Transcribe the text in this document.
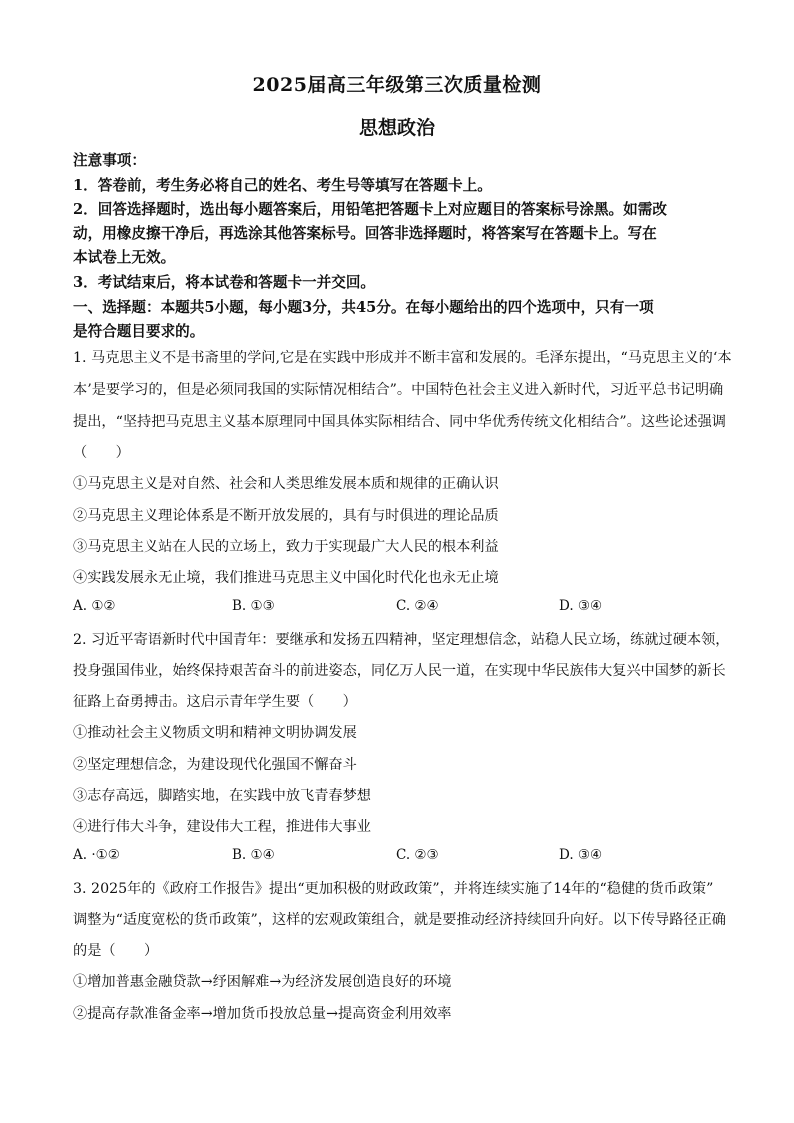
2025届高三年级第三次质量检测
思想政治
注意事项：
1．答卷前，考生务必将自己的姓名、考生号等填写在答题卡上。
2．回答选择题时，选出每小题答案后，用铅笔把答题卡上对应题目的答案标号涂黑。如需改
动，用橡皮擦干净后，再选涂其他答案标号。回答非选择题时，将答案写在答题卡上。写在
本试卷上无效。
3．考试结束后，将本试卷和答题卡一并交回。
一、选择题：本题共5小题，每小题3分，共45分。在每小题给出的四个选项中，只有一项
是符合题目要求的。
1. 马克思主义不是书斋里的学问,它是在实践中形成并不断丰富和发展的。毛泽东提出，“马克思主义的‘本
本’是要学习的，但是必须同我国的实际情况相结合”。中国特色社会主义进入新时代，习近平总书记明确
提出，“坚持把马克思主义基本原理同中国具体实际相结合、同中华优秀传统文化相结合”。这些论述强调
（　　）
①马克思主义是对自然、社会和人类思维发展本质和规律的正确认识
②马克思主义理论体系是不断开放发展的，具有与时俱进的理论品质
③马克思主义站在人民的立场上，致力于实现最广大人民的根本利益
④实践发展永无止境，我们推进马克思主义中国化时代化也永无止境
A. ①②	B. ①③	C. ②④	D. ③④
2. 习近平寄语新时代中国青年：要继承和发扬五四精神，坚定理想信念，站稳人民立场，练就过硬本领，
投身强国伟业，始终保持艰苦奋斗的前进姿态，同亿万人民一道，在实现中华民族伟大复兴中国梦的新长
征路上奋勇搏击。这启示青年学生要（　　）
①推动社会主义物质文明和精神文明协调发展
②坚定理想信念，为建设现代化强国不懈奋斗
③志存高远，脚踏实地，在实践中放飞青春梦想
④进行伟大斗争，建设伟大工程，推进伟大事业
A. ·①②	B. ①④	C. ②③	D. ③④
3. 2025年的《政府工作报告》提出“更加积极的财政政策”，并将连续实施了14年的“稳健的货币政策”
调整为“适度宽松的货币政策”，这样的宏观政策组合，就是要推动经济持续回升向好。以下传导路径正确
的是（　　）
①增加普惠金融贷款→纾困解难→为经济发展创造良好的环境
②提高存款准备金率→增加货币投放总量→提高资金利用效率
